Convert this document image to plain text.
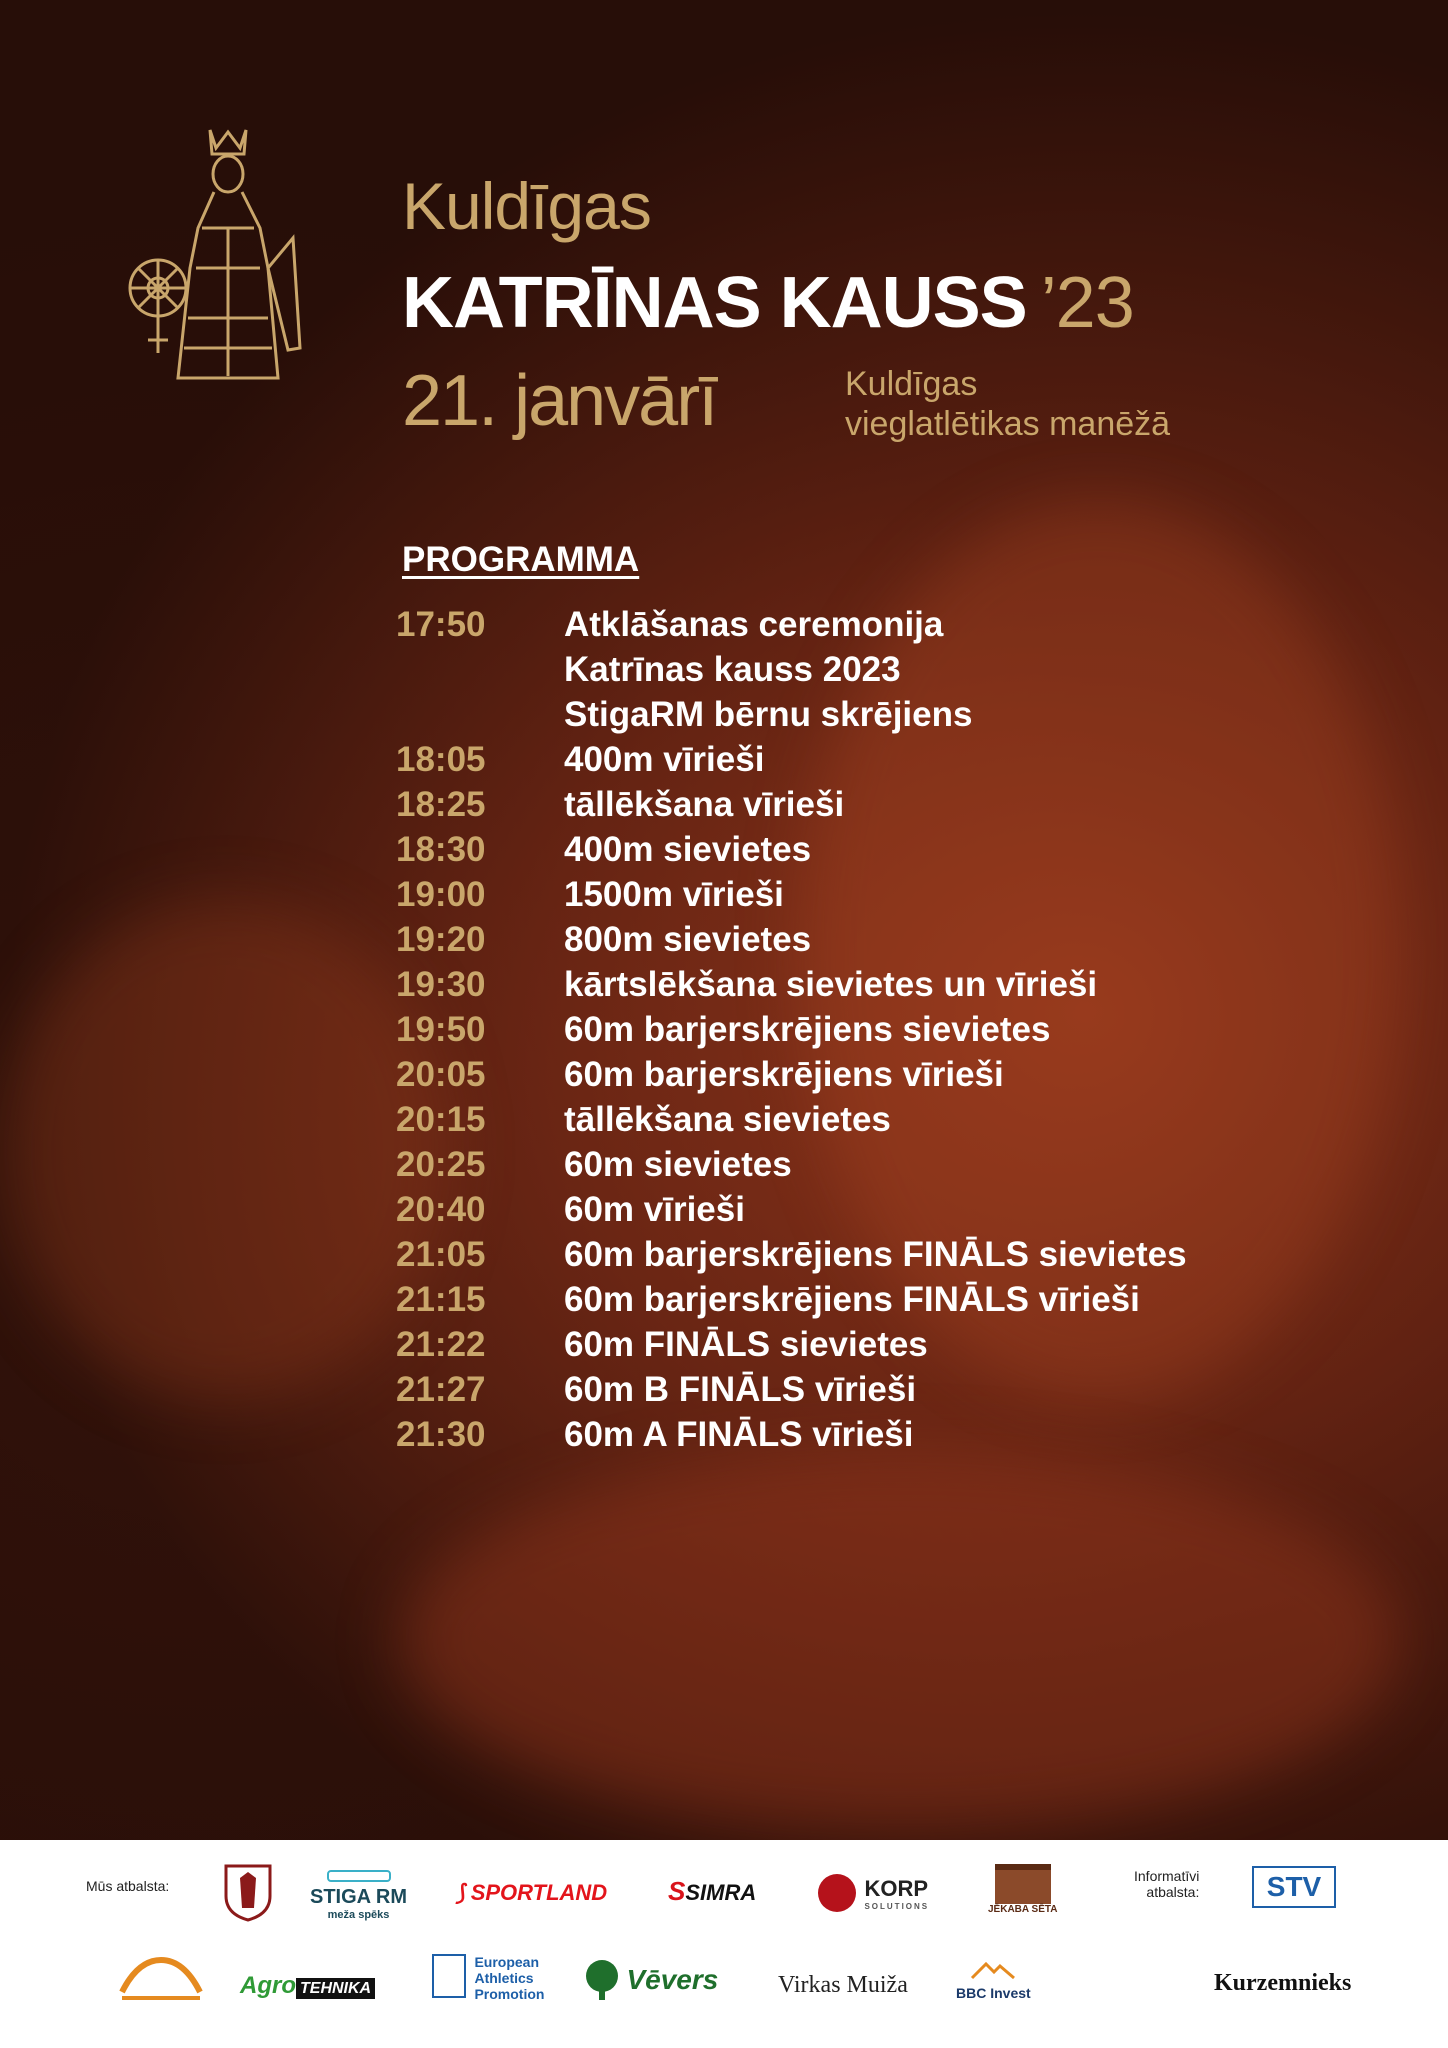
Kuldīgas
KATRĪNAS KAUSS ’23
21. janvārī	Kuldīgas
vieglatlētikas manēžā
PROGRAMMA
17:50	Atklāšanas ceremonija
Katrīnas kauss 2023
StigaRM bērnu skrējiens
18:05	400m vīrieši
18:25	tāllēkšana vīrieši
18:30	400m sievietes
19:00	1500m vīrieši
19:20	800m sievietes
19:30	kārtslēkšana sievietes un vīrieši
19:50	60m barjerskrējiens sievietes
20:05	60m barjerskrējiens vīrieši
20:15	tāllēkšana sievietes
20:25	60m sievietes
20:40	60m vīrieši
21:05	60m barjerskrējiens FINĀLS sievietes
21:15	60m barjerskrējiens FINĀLS vīrieši
21:22	60m FINĀLS sievietes
21:27	60m B FINĀLS vīrieši
21:30	60m A FINĀLS vīrieši
Mūs atbalsta:	STIGA RM
meža spēks
⟆ SPORTLAND SSIMRA
	KORP
SOLUTIONS	JĒKABA SĒTA
Informatīvi
atbalsta:	STV
Agro TEHNIKA

European
Athletics
Promotion	Vēvers Virkas Muiža	BBC Invest	Kurzemnieks
